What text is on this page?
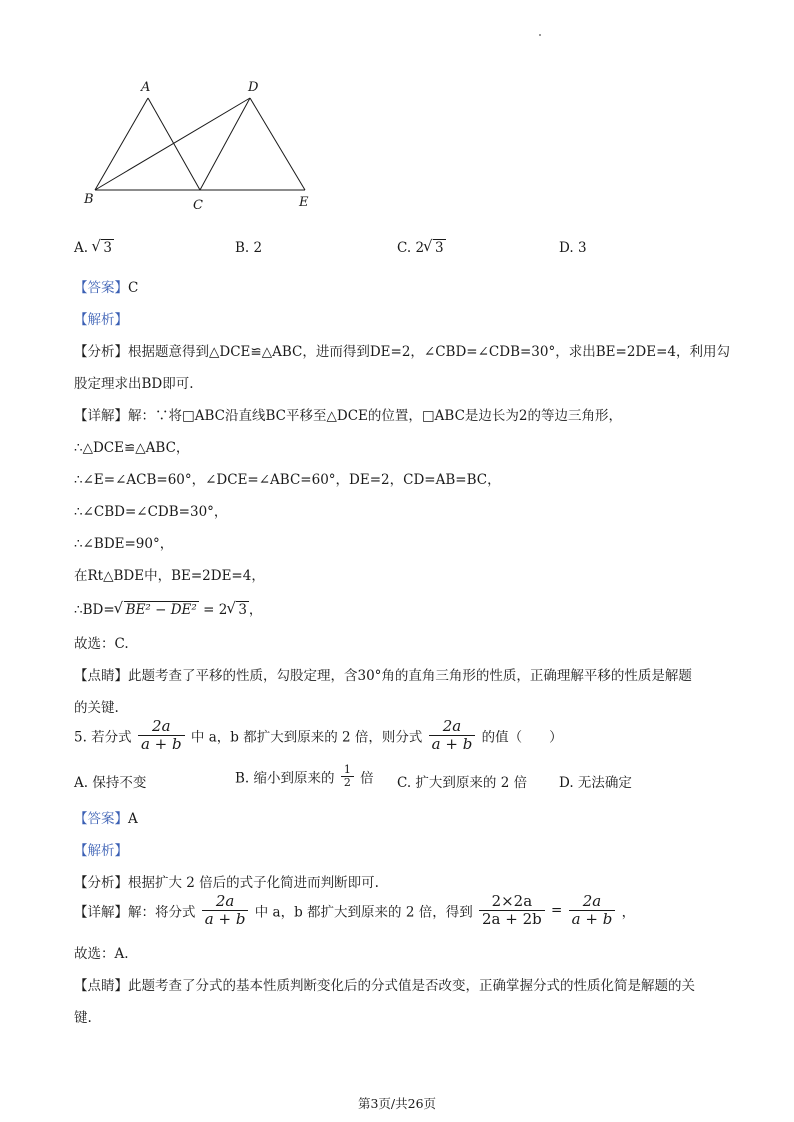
A	D
B	C	E
A. √ 3	B. 2	C. 2 √ 3	D. 3
【答案】C
【解析】
【分析】根据题意得到△DCE≌△ABC，进而得到DE=2，∠CBD=∠CDB=30°，求出BE=2DE=4，利用勾
股定理求出BD即可.
【详解】解：∵将□ABC沿直线BC平移至△DCE的位置，□ABC是边长为2的等边三角形，
∴△DCE≌△ABC，
∴∠E=∠ACB=60°，∠DCE=∠ABC=60°，DE=2，CD=AB=BC，
∴∠CBD=∠CDB=30°，
∴∠BDE=90°，
在Rt△BDE中，BE=2DE=4，
∴BD= √ BE² − DE² = 2 √ 3 ，
故选：C.
【点睛】此题考查了平移的性质，勾股定理，含30°角的直角三角形的性质，正确理解平移的性质是解题
的关键.
5. 若分式 $\frac{2a}{a + b}$ 中 a，b 都扩大到原来的 2 倍，则分式 $\frac{2a}{a + b}$ 的值（　　）
A. 保持不变	B. 缩小到原来的 $\frac{1}{2}$ 倍 C. 扩大到原来的 2 倍 D. 无法确定
【答案】A
【解析】
【分析】根据扩大 2 倍后的式子化简进而判断即可.
【详解】解：将分式 $\frac{2a}{a + b}$ 中 a，b 都扩大到原来的 2 倍，得到 $\frac{2\times 2a}{2a + 2b} = \frac{2a}{a + b}$ ，
故选：A.
【点睛】此题考查了分式的基本性质判断变化后的分式值是否改变，正确掌握分式的性质化简是解题的关
键.
第3页/共26页
